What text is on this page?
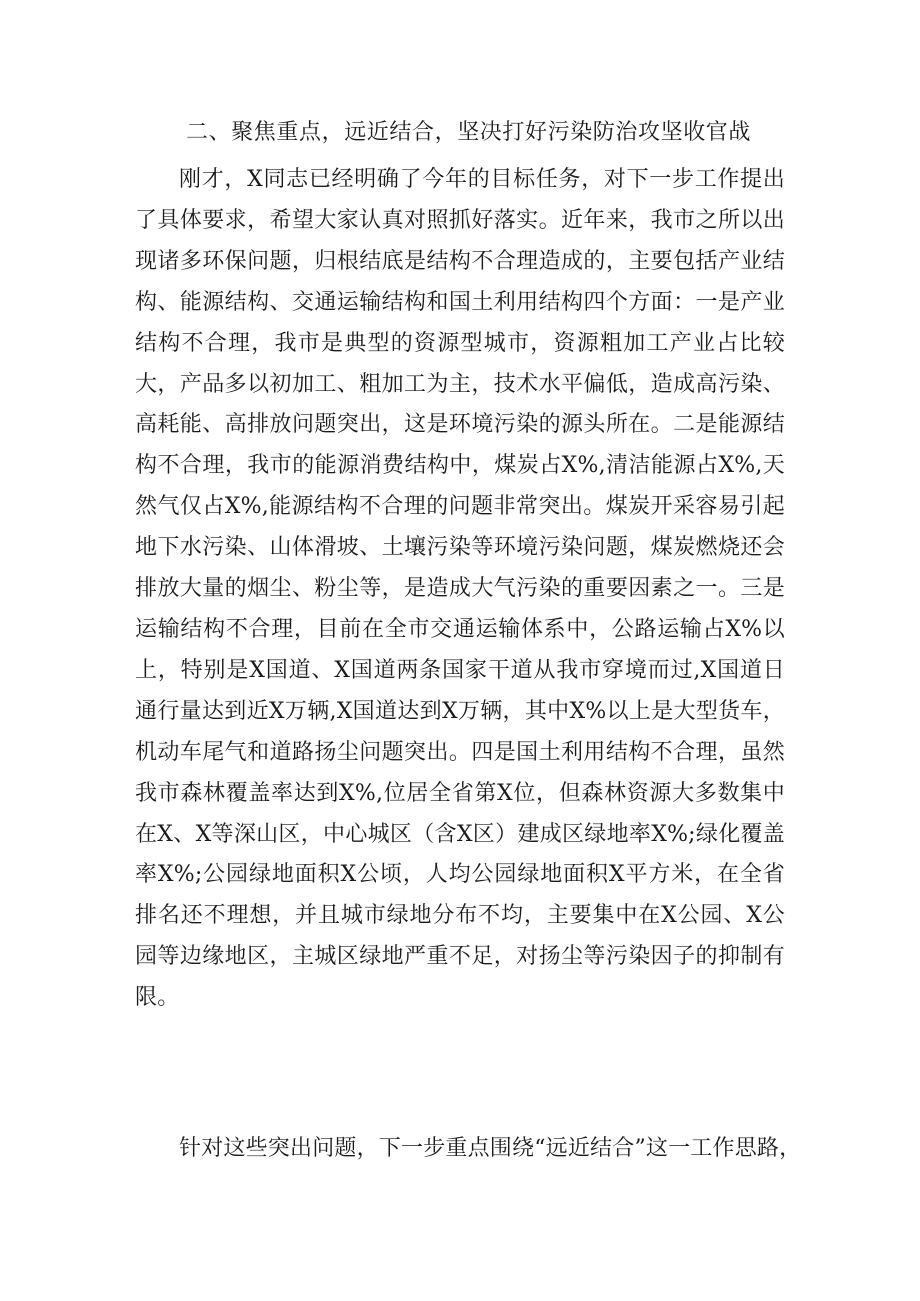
二、聚焦重点，远近结合，坚决打好污染防治攻坚收官战
刚才，X同志已经明确了今年的目标任务，对下一步工作提出了具体要求，希望大家认真对照抓好落实。近年来，我市之所以出现诸多环保问题，归根结底是结构不合理造成的，主要包括产业结构、能源结构、交通运输结构和国土利用结构四个方面：一是产业结构不合理，我市是典型的资源型城市，资源粗加工产业占比较大，产品多以初加工、粗加工为主，技术水平偏低，造成高污染、高耗能、高排放问题突出，这是环境污染的源头所在。二是能源结构不合理，我市的能源消费结构中，煤炭占X%,清洁能源占X%,天然气仅占X%,能源结构不合理的问题非常突出。煤炭开采容易引起地下水污染、山体滑坡、土壤污染等环境污染问题，煤炭燃烧还会排放大量的烟尘、粉尘等，是造成大气污染的重要因素之一。三是运输结构不合理，目前在全市交通运输体系中，公路运输占X%以上，特别是X国道、X国道两条国家干道从我市穿境而过,X国道日通行量达到近X万辆,X国道达到X万辆，其中X%以上是大型货车，机动车尾气和道路扬尘问题突出。四是国土利用结构不合理，虽然我市森林覆盖率达到X%,位居全省第X位，但森林资源大多数集中在X、X等深山区，中心城区（含X区）建成区绿地率X%;绿化覆盖率X%;公园绿地面积X公顷，人均公园绿地面积X平方米，在全省排名还不理想，并且城市绿地分布不均，主要集中在X公园、X公园等边缘地区，主城区绿地严重不足，对扬尘等污染因子的抑制有限。
针对这些突出问题，下一步重点围绕“远近结合”这一工作思路，
